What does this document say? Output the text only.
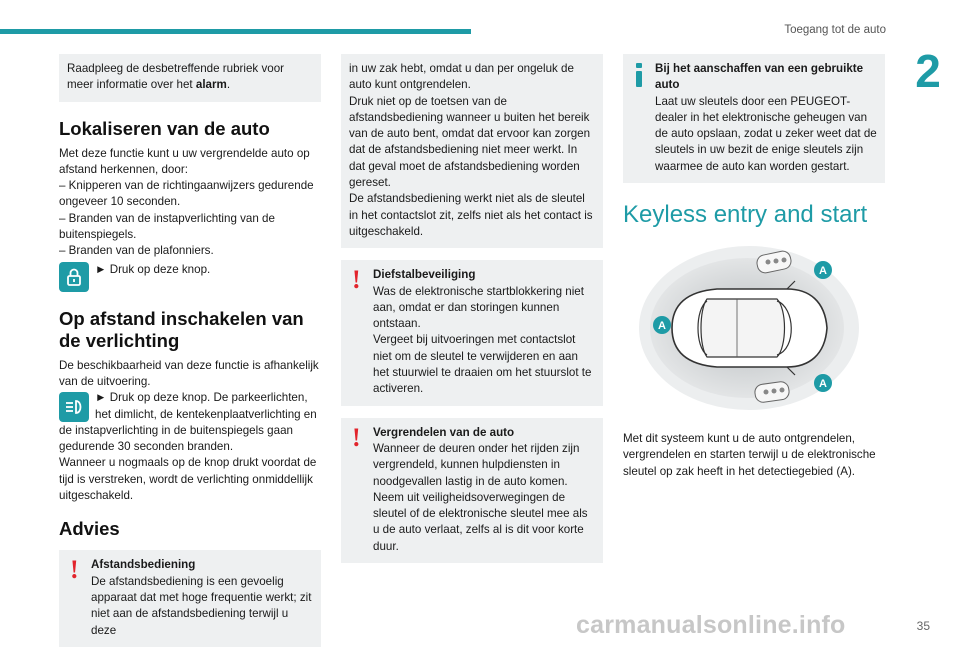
Toegang tot de auto
2

Raadpleeg de desbetreffende rubriek voor meer informatie over het alarm.

Lokaliseren van de auto

Met deze functie kunt u uw vergrendelde auto op afstand herkennen, door:

– Knipperen van de richtingaanwijzers gedurende ongeveer 10 seconden.

– Branden van de instapverlichting van de buitenspiegels.

– Branden van de plafonniers.

► Druk op deze knop.

Op afstand inschakelen van de verlichting

De beschikbaarheid van deze functie is afhankelijk van de uitvoering.

► Druk op deze knop. De parkeerlichten, het dimlicht, de kentekenplaatverlichting en de instapverlichting in de buitenspiegels gaan gedurende 30 seconden branden.

Wanneer u nogmaals op de knop drukt voordat de tijd is verstreken, wordt de verlichting onmiddellijk uitgeschakeld.

Advies
! Afstandsbediening

De afstandsbediening is een gevoelig apparaat dat met hoge frequentie werkt; zit niet aan de afstandsbediening terwijl u deze

in uw zak hebt, omdat u dan per ongeluk de auto kunt ontgrendelen.

Druk niet op de toetsen van de afstandsbediening wanneer u buiten het bereik van de auto bent, omdat dat ervoor kan zorgen dat de afstandsbediening niet meer werkt. In dat geval moet de afstandsbediening worden gereset.

De afstandsbediening werkt niet als de sleutel in het contactslot zit, zelfs niet als het contact is uitgeschakeld.

! Diefstalbeveiliging

Was de elektronische startblokkering niet aan, omdat er dan storingen kunnen ontstaan.

Vergeet bij uitvoeringen met contactslot niet om de sleutel te verwijderen en aan het stuurwiel te draaien om het stuurslot te activeren.

! Vergrendelen van de auto

Wanneer de deuren onder het rijden zijn vergrendeld, kunnen hulpdiensten in noodgevallen lastig in de auto komen.

Neem uit veiligheidsoverwegingen de sleutel of de elektronische sleutel mee als u de auto verlaat, zelfs al is dit voor korte duur.

Bij het aanschaffen van een gebruikte auto

Laat uw sleutels door een PEUGEOT-dealer in het elektronische geheugen van de auto opslaan, zodat u zeker weet dat de sleutels in uw bezit de enige sleutels zijn waarmee de auto kan worden gestart.

Keyless entry and start
A
A
A

Met dit systeem kunt u de auto ontgrendelen, vergrendelen en starten terwijl u de elektronische sleutel op zak heeft in het detectiegebied (A).

carmanualsonline.info	35
